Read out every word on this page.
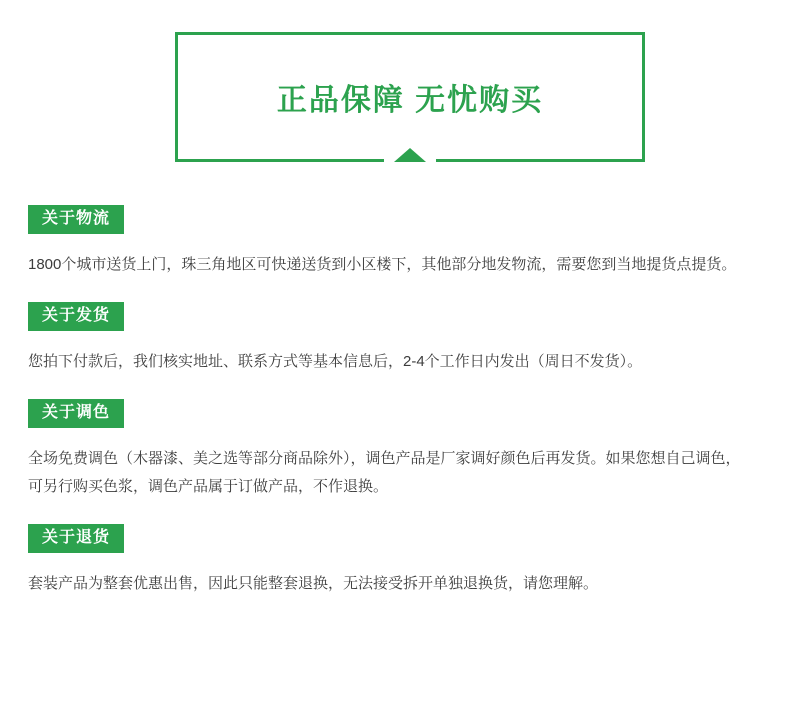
正品保障 无忧购买
关于物流

1800个城市送货上门，珠三角地区可快递送货到小区楼下，其他部分地发物流，需要您到当地提货点提货。

关于发货

您拍下付款后，我们核实地址、联系方式等基本信息后，2-4个工作日内发出（周日不发货）。

关于调色

全场免费调色（木器漆、美之选等部分商品除外），调色产品是厂家调好颜色后再发货。如果您想自己调色，

可另行购买色浆，调色产品属于订做产品，不作退换。

关于退货

套装产品为整套优惠出售，因此只能整套退换，无法接受拆开单独退换货，请您理解。
